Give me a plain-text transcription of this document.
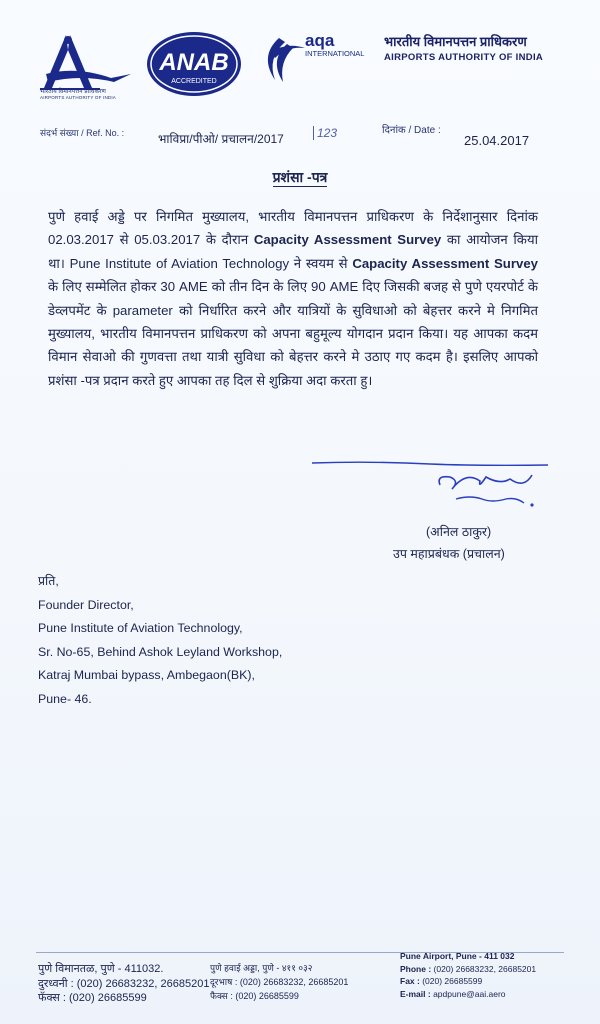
भारतीय विमानपत्तन प्राधिकरण
AIRPORTS AUTHORITY OF INDIA
ANAB
ACCREDITED
aqa
INTERNATIONAL
भारतीय विमानपत्तन प्राधिकरण
AIRPORTS AUTHORITY OF INDIA
संदर्भ संख्या / Ref. No. :	भाविप्रा/पीओ/ प्रचालन/2017	123	दिनांक / Date :
25.04.2017
प्रशंसा -पत्र
पुणे हवाई अड्डे पर निगमित मुख्यालय, भारतीय विमानपत्तन प्राधिकरण के निर्देशानुसार दिनांक 02.03.2017 से 05.03.2017 के दौरान Capacity Assessment Survey का आयोजन किया था। Pune Institute of Aviation Technology ने स्वयम से Capacity Assessment Survey के लिए सम्मेलित होकर 30 AME को तीन दिन के लिए 90 AME दिए जिसकी बजह से पुणे एयरपोर्ट के डेव्लपमेंट के parameter को निर्धारित करने और यात्रियों के सुविधाओ को बेहत्तर करने मे निगमित मुख्यालय, भारतीय विमानपत्तन प्राधिकरण को अपना बहुमूल्य योगदान प्रदान किया। यह आपका कदम विमान सेवाओ की गुणवत्ता तथा यात्री सुविधा को बेहत्तर करने मे उठाए गए कदम है। इसलिए आपको प्रशंसा -पत्र प्रदान करते हुए आपका तह दिल से शुक्रिया अदा करता हु।
(अनिल ठाकुर)
उप महाप्रबंधक (प्रचालन)
प्रति,
Founder Director,
Pune Institute of Aviation Technology,
Sr. No-65, Behind Ashok Leyland Workshop,
Katraj Mumbai bypass, Ambegaon(BK),
Pune- 46.
पुणे विमानतळ, पुणे - 411032.
दुरध्वनी : (020) 26683232, 26685201
फॅक्स : (020) 26685599
पुणे हवाई अड्डा, पुणे - ४११ ०३२
दूरभाष : (020) 26683232, 26685201
फैक्स : (020) 26685599
Pune Airport, Pune - 411 032
Phone : (020) 26683232, 26685201
Fax : (020) 26685599
E-mail : apdpune@aai.aero
